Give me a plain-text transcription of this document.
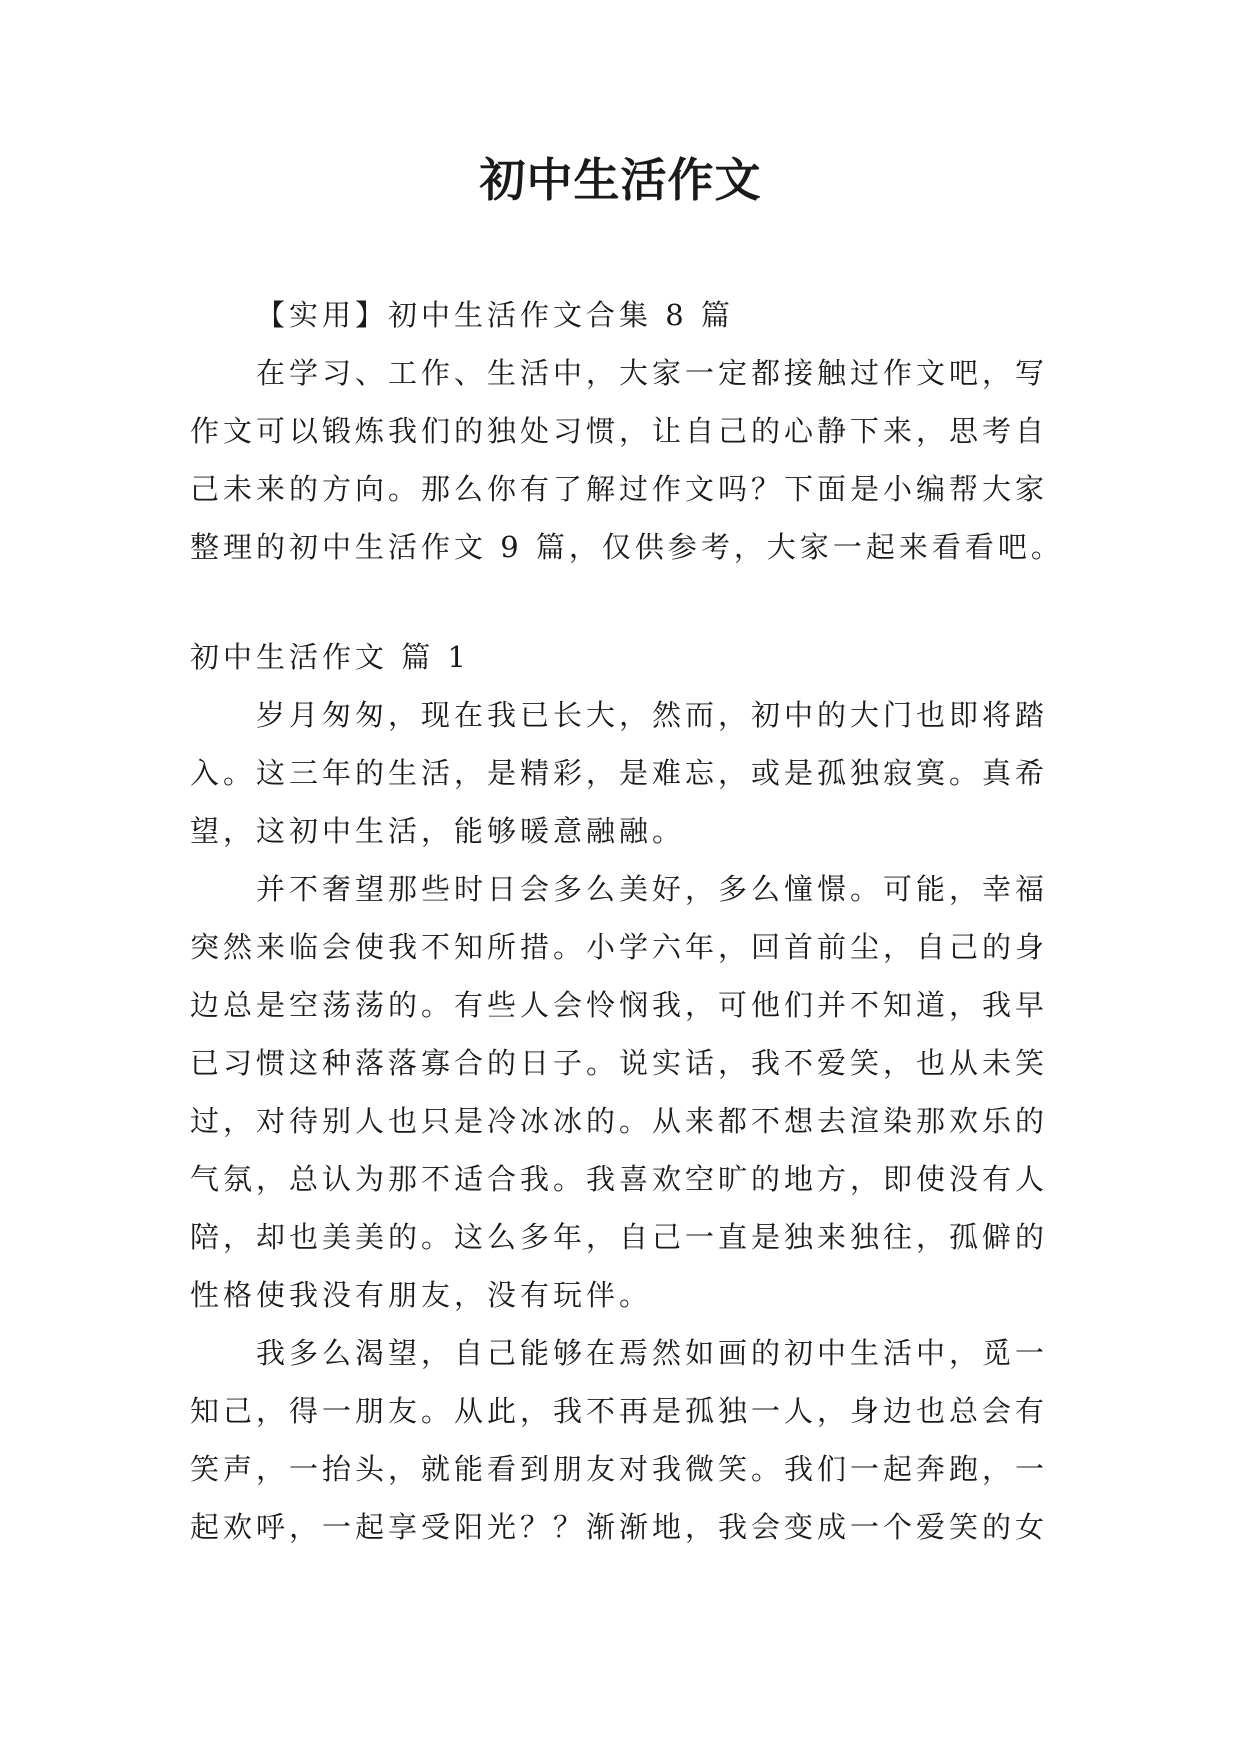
初中生活作文
【实用】初中生活作文合集 8 篇
在学习、工作、生活中，大家一定都接触过作文吧，写
作文可以锻炼我们的独处习惯，让自己的心静下来，思考自
己未来的方向。那么你有了解过作文吗？下面是小编帮大家
整理的初中生活作文 9 篇，仅供参考，大家一起来看看吧。
初中生活作文 篇 1
岁月匆匆，现在我已长大，然而，初中的大门也即将踏
入。这三年的生活，是精彩，是难忘，或是孤独寂寞。真希
望，这初中生活，能够暖意融融。
并不奢望那些时日会多么美好，多么憧憬。可能，幸福
突然来临会使我不知所措。小学六年，回首前尘，自己的身
边总是空荡荡的。有些人会怜悯我，可他们并不知道，我早
已习惯这种落落寡合的日子。说实话，我不爱笑，也从未笑
过，对待别人也只是冷冰冰的。从来都不想去渲染那欢乐的
气氛，总认为那不适合我。我喜欢空旷的地方，即使没有人
陪，却也美美的。这么多年，自己一直是独来独往，孤僻的
性格使我没有朋友，没有玩伴。
我多么渴望，自己能够在焉然如画的初中生活中，觅一
知己，得一朋友。从此，我不再是孤独一人，身边也总会有
笑声，一抬头，就能看到朋友对我微笑。我们一起奔跑，一
起欢呼，一起享受阳光？？渐渐地，我会变成一个爱笑的女
